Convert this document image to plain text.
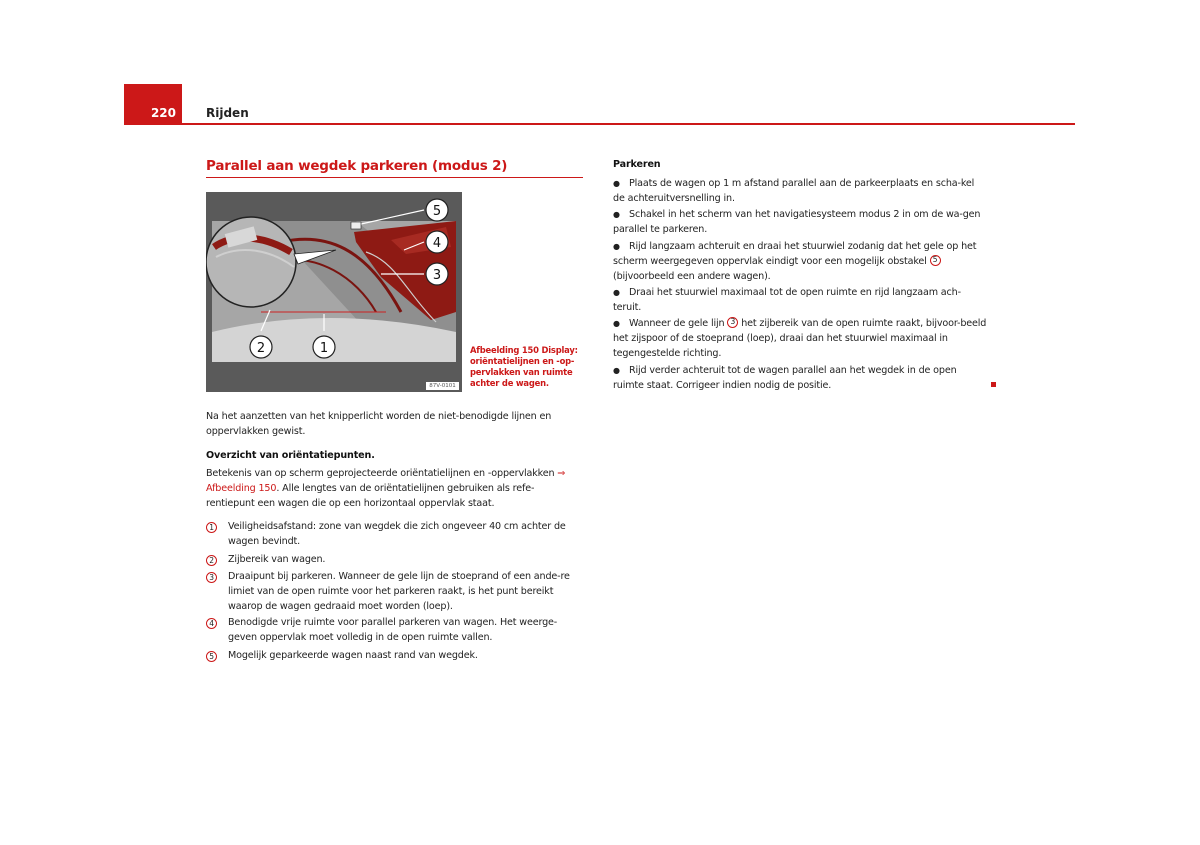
220	Rijden
Parallel aan wegdek parkeren (modus 2)
1
2
3
4
5
87V-0101
Afbeelding 150 Display: oriëntatielijnen en -op-pervlakken van ruimte achter de wagen.
Na het aanzetten van het knipperlicht worden de niet-benodigde lijnen en oppervlakken gewist.
Overzicht van oriëntatiepunten.
Betekenis van op scherm geprojecteerde oriëntatielijnen en -oppervlakken ⇒ Afbeelding 150. Alle lengtes van de oriëntatielijnen gebruiken als refe-rentiepunt een wagen die op een horizontaal oppervlak staat.
1	Veiligheidsafstand: zone van wegdek die zich ongeveer 40 cm achter de wagen bevindt.
2	Zijbereik van wagen.
3	Draaipunt bij parkeren. Wanneer de gele lijn de stoeprand of een ande-re limiet van de open ruimte voor het parkeren raakt, is het punt bereikt waarop de wagen gedraaid moet worden (loep).
4	Benodigde vrije ruimte voor parallel parkeren van wagen. Het weerge-geven oppervlak moet volledig in de open ruimte vallen.
5	Mogelijk geparkeerde wagen naast rand van wegdek.
Parkeren
● Plaats de wagen op 1 m afstand parallel aan de parkeerplaats en scha-kel de achteruitversnelling in.
● Schakel in het scherm van het navigatiesysteem modus 2 in om de wa-gen parallel te parkeren.
● Rijd langzaam achteruit en draai het stuurwiel zodanig dat het gele op het scherm weergegeven oppervlak eindigt voor een mogelijk obstakel 5 (bijvoorbeeld een andere wagen).
● Draai het stuurwiel maximaal tot de open ruimte en rijd langzaam ach-teruit.
● Wanneer de gele lijn 3 het zijbereik van de open ruimte raakt, bijvoor-beeld het zijspoor of de stoeprand (loep), draai dan het stuurwiel maximaal in tegengestelde richting.
● Rijd verder achteruit tot de wagen parallel aan het wegdek in de open ruimte staat. Corrigeer indien nodig de positie.
